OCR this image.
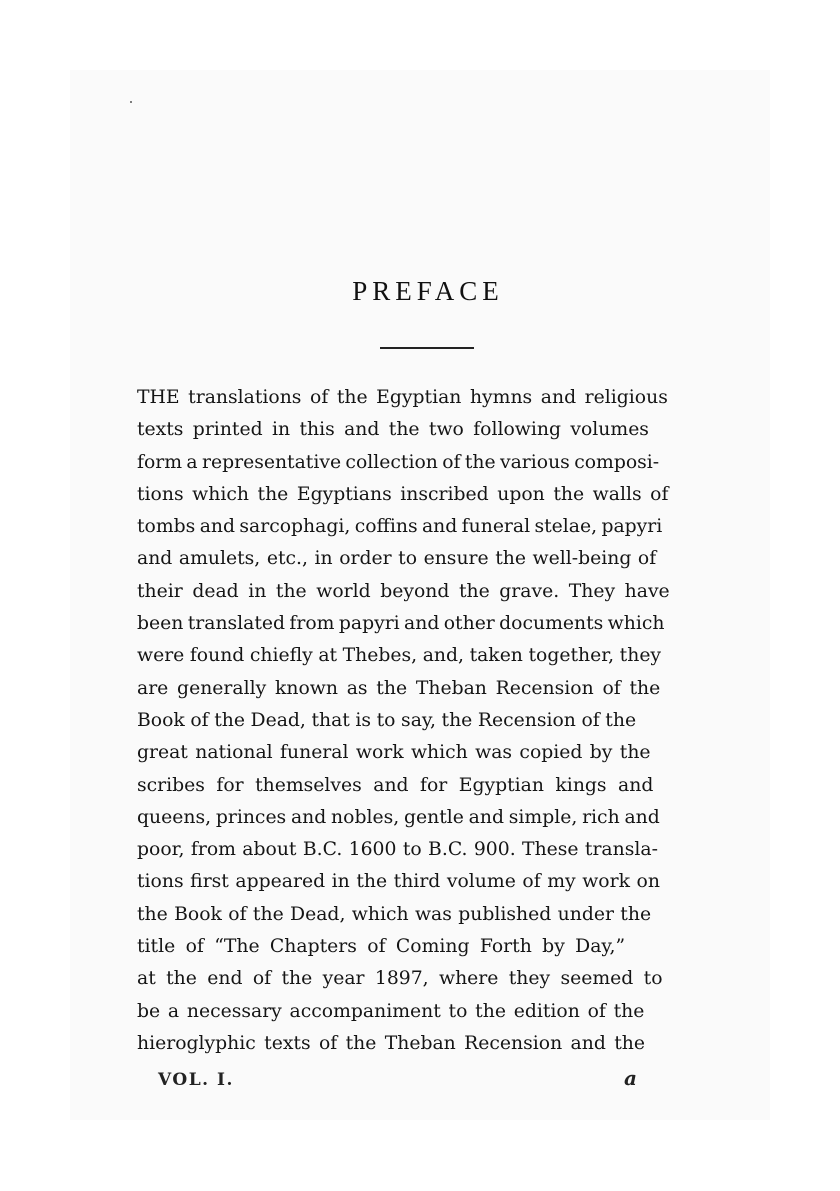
PREFACE
THE translations of the Egyptian hymns and religious
texts printed in this and the two following volumes
form a representative collection of the various composi-
tions which the Egyptians inscribed upon the walls of
tombs and sarcophagi, coffins and funeral stelae, papyri
and amulets, etc., in order to ensure the well-being of
their dead in the world beyond the grave. They have
been translated from papyri and other documents which
were found chiefly at Thebes, and, taken together, they
are generally known as the Theban Recension of the
Book of the Dead, that is to say, the Recension of the
great national funeral work which was copied by the
scribes for themselves and for Egyptian kings and
queens, princes and nobles, gentle and simple, rich and
poor, from about B.C. 1600 to B.C. 900. These transla-
tions first appeared in the third volume of my work on
the Book of the Dead, which was published under the
title of “The Chapters of Coming Forth by Day,”
at the end of the year 1897, where they seemed to
be a necessary accompaniment to the edition of the
hieroglyphic texts of the Theban Recension and the
VOL. I.	a
